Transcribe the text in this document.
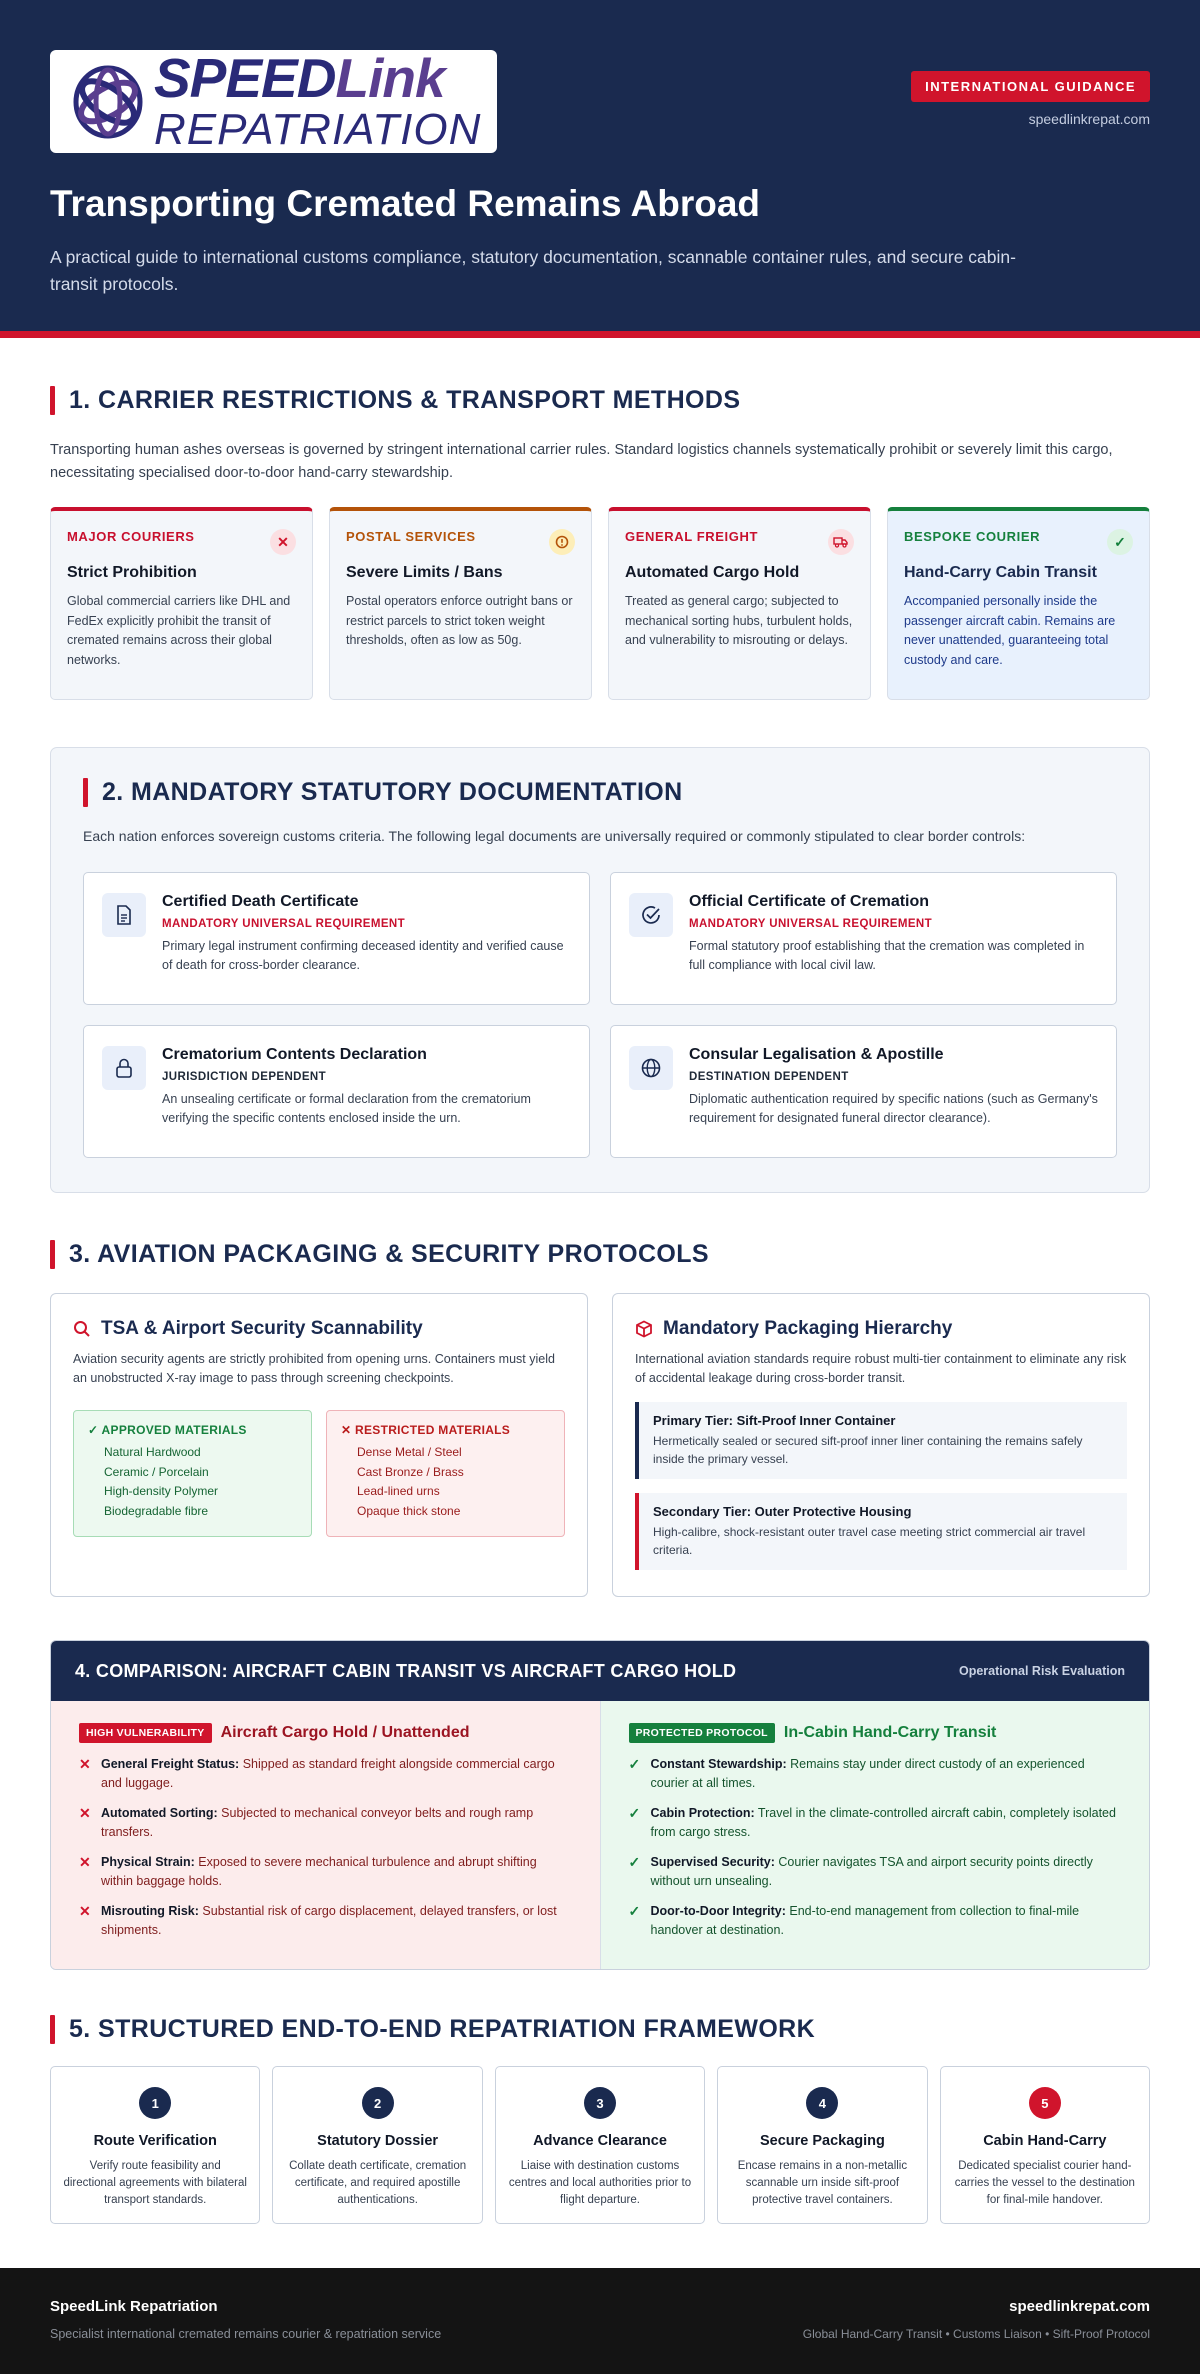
SPEEDLink
REPATRIATION
INTERNATIONAL GUIDANCE
speedlinkrepat.com
Transporting Cremated Remains Abroad

A practical guide to international customs compliance, statutory documentation, scannable container rules, and secure cabin-transit protocols.

1. CARRIER RESTRICTIONS & TRANSPORT METHODS

Transporting human ashes overseas is governed by stringent international carrier rules. Standard logistics channels systematically prohibit or severely limit this cargo, necessitating specialised door-to-door hand-carry stewardship.

MAJOR COURIERS	✕
Strict Prohibition

Global commercial carriers like DHL and FedEx explicitly prohibit the transit of cremated remains across their global networks.

POSTAL SERVICES
Severe Limits / Bans

Postal operators enforce outright bans or restrict parcels to strict token weight thresholds, often as low as 50g.

GENERAL FREIGHT
Automated Cargo Hold

Treated as general cargo; subjected to mechanical sorting hubs, turbulent holds, and vulnerability to misrouting or delays.

BESPOKE COURIER	✓
Hand-Carry Cabin Transit

Accompanied personally inside the passenger aircraft cabin. Remains are never unattended, guaranteeing total custody and care.

2. MANDATORY STATUTORY DOCUMENTATION

Each nation enforces sovereign customs criteria. The following legal documents are universally required or commonly stipulated to clear border controls:

Certified Death Certificate
MANDATORY UNIVERSAL REQUIREMENT

Primary legal instrument confirming deceased identity and verified cause of death for cross-border clearance.

Official Certificate of Cremation
MANDATORY UNIVERSAL REQUIREMENT

Formal statutory proof establishing that the cremation was completed in full compliance with local civil law.

Crematorium Contents Declaration
JURISDICTION DEPENDENT

An unsealing certificate or formal declaration from the crematorium verifying the specific contents enclosed inside the urn.

Consular Legalisation & Apostille
DESTINATION DEPENDENT

Diplomatic authentication required by specific nations (such as Germany's requirement for designated funeral director clearance).

3. AVIATION PACKAGING & SECURITY PROTOCOLS
TSA & Airport Security Scannability

Aviation security agents are strictly prohibited from opening urns. Containers must yield an unobstructed X-ray image to pass through screening checkpoints.

✓ APPROVED MATERIALS
Natural Hardwood
Ceramic / Porcelain
High-density Polymer
Biodegradable fibre
✕ RESTRICTED MATERIALS
Dense Metal / Steel
Cast Bronze / Brass
Lead-lined urns
Opaque thick stone
Mandatory Packaging Hierarchy

International aviation standards require robust multi-tier containment to eliminate any risk of accidental leakage during cross-border transit.

Primary Tier: Sift-Proof Inner Container

Hermetically sealed or secured sift-proof inner liner containing the remains safely inside the primary vessel.

Secondary Tier: Outer Protective Housing

High-calibre, shock-resistant outer travel case meeting strict commercial air travel criteria.

4. COMPARISON: AIRCRAFT CABIN TRANSIT VS AIRCRAFT CARGO HOLD	Operational Risk Evaluation
HIGH VULNERABILITY	Aircraft Cargo Hold / Unattended
✕ General Freight Status: Shipped as standard freight alongside commercial cargo and luggage.
✕ Automated Sorting: Subjected to mechanical conveyor belts and rough ramp transfers.
✕ Physical Strain: Exposed to severe mechanical turbulence and abrupt shifting within baggage holds.
✕ Misrouting Risk: Substantial risk of cargo displacement, delayed transfers, or lost shipments.
PROTECTED PROTOCOL	In-Cabin Hand-Carry Transit
✓ Constant Stewardship: Remains stay under direct custody of an experienced courier at all times.
✓ Cabin Protection: Travel in the climate-controlled aircraft cabin, completely isolated from cargo stress.
✓ Supervised Security: Courier navigates TSA and airport security points directly without urn unsealing.
✓ Door-to-Door Integrity: End-to-end management from collection to final-mile handover at destination.
5. STRUCTURED END-TO-END REPATRIATION FRAMEWORK
1
Route Verification

Verify route feasibility and directional agreements with bilateral transport standards.

2
Statutory Dossier

Collate death certificate, cremation certificate, and required apostille authentications.

3
Advance Clearance

Liaise with destination customs centres and local authorities prior to flight departure.

4
Secure Packaging

Encase remains in a non-metallic scannable urn inside sift-proof protective travel containers.

5
Cabin Hand-Carry

Dedicated specialist courier hand-carries the vessel to the destination for final-mile handover.

SpeedLink Repatriation
Specialist international cremated remains courier & repatriation service
speedlinkrepat.com
Global Hand-Carry Transit • Customs Liaison • Sift-Proof Protocol
